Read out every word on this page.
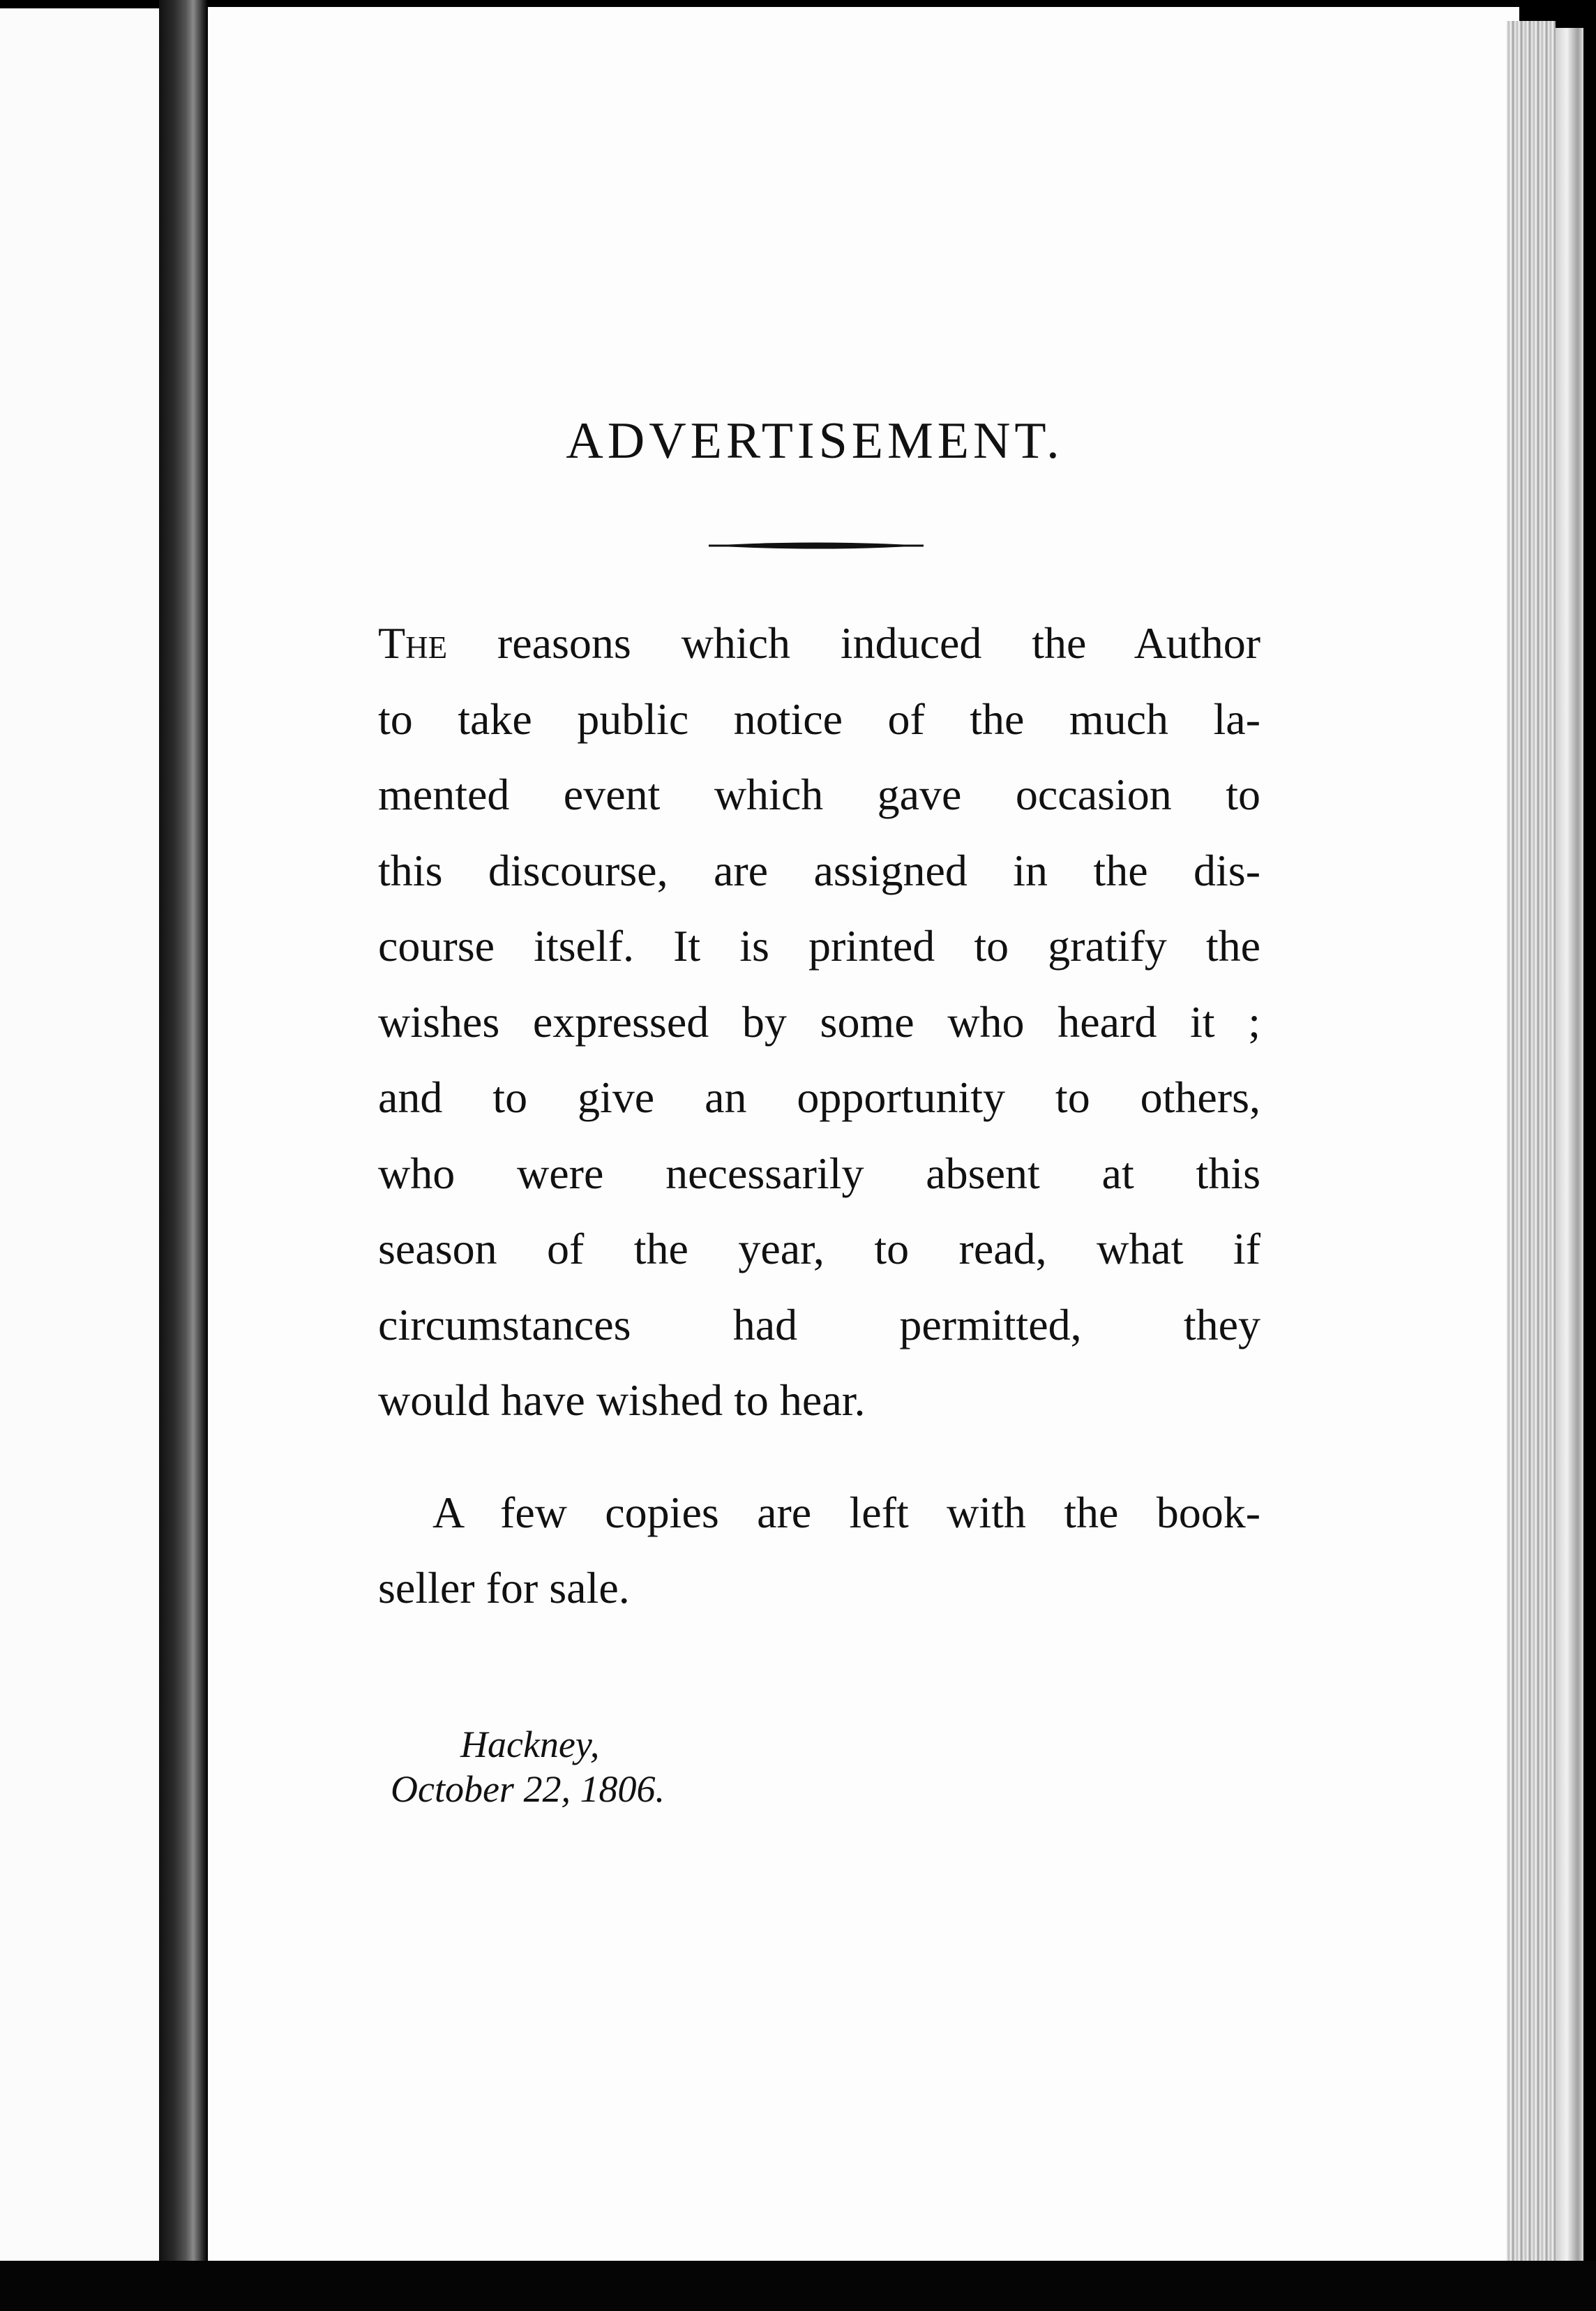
ADVERTISEMENT.
The reasons which induced the Author
to take public notice of the much la-
mented event which gave occasion to
this discourse, are assigned in the dis-
course itself. It is printed to gratify the
wishes expressed by some who heard it ;
and to give an opportunity to others,
who were necessarily absent at this
season of the year, to read, what if
circumstances had permitted, they
would have wished to hear.
A few copies are left with the book-
seller for sale.
Hackney,
October 22, 1806.
